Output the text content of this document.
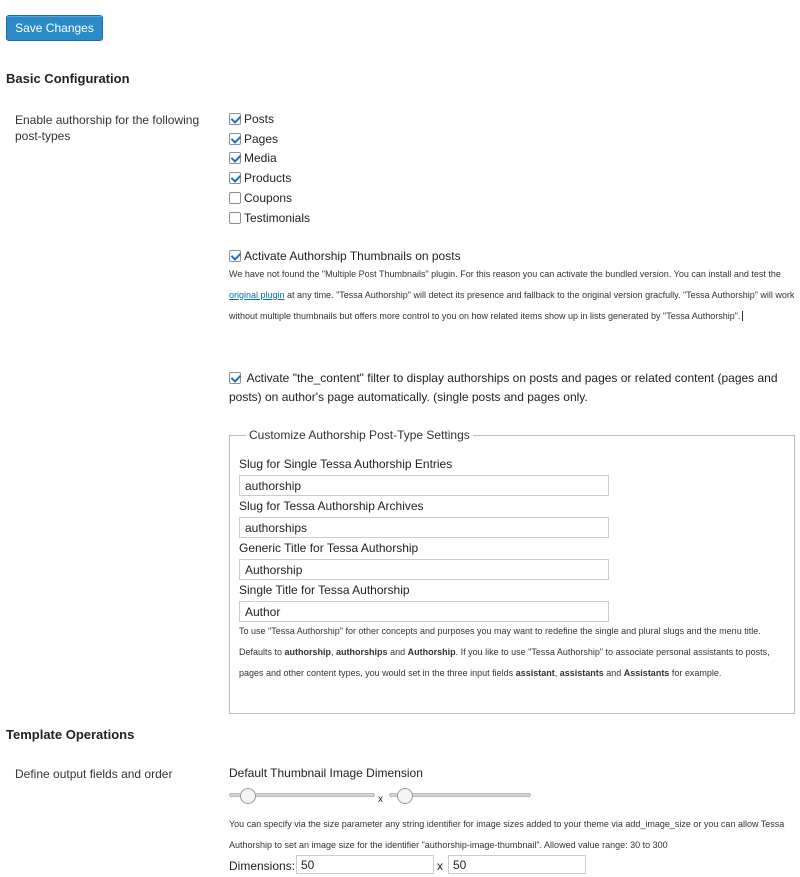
Save Changes
Basic Configuration
Enable authorship for the following
post-types
Posts
Pages
Media
Products
Coupons
Testimonials
Activate Authorship Thumbnails on posts
We have not found the "Multiple Post Thumbnails" plugin. For this reason you can activate the bundled version. You can install and test the original plugin at any time. "Tessa Authorship" will detect its presence and fallback to the original version gracfully. "Tessa Authorship" will work without multiple thumbnails but offers more control to you on how related items show up in lists generated by "Tessa Authorship".
Activate "the_content" filter to display authorships on posts and pages or related content (pages and posts) on author's page automatically. (single posts and pages only.
Customize Authorship Post-Type Settings
Slug for Single Tessa Authorship Entries
authorship
Slug for Tessa Authorship Archives
authorships
Generic Title for Tessa Authorship
Authorship
Single Title for Tessa Authorship
Author
To use "Tessa Authorship" for other concepts and purposes you may want to redefine the single and plural slugs and the menu title. Defaults to authorship, authorships and Authorship. If you like to use "Tessa Authorship" to associate personal assistants to posts, pages and other content types, you would set in the three input fields assistant, assistants and Assistants for example.
Template Operations
Define output fields and order	Default Thumbnail Image Dimension
x
You can specify via the size parameter any string identifier for image sizes added to your theme via add_image_size or you can allow Tessa Authorship to set an image size for the identifier "authorship-image-thumbnail". Allowed value range: 30 to 300
Dimensions:
50	x
50
